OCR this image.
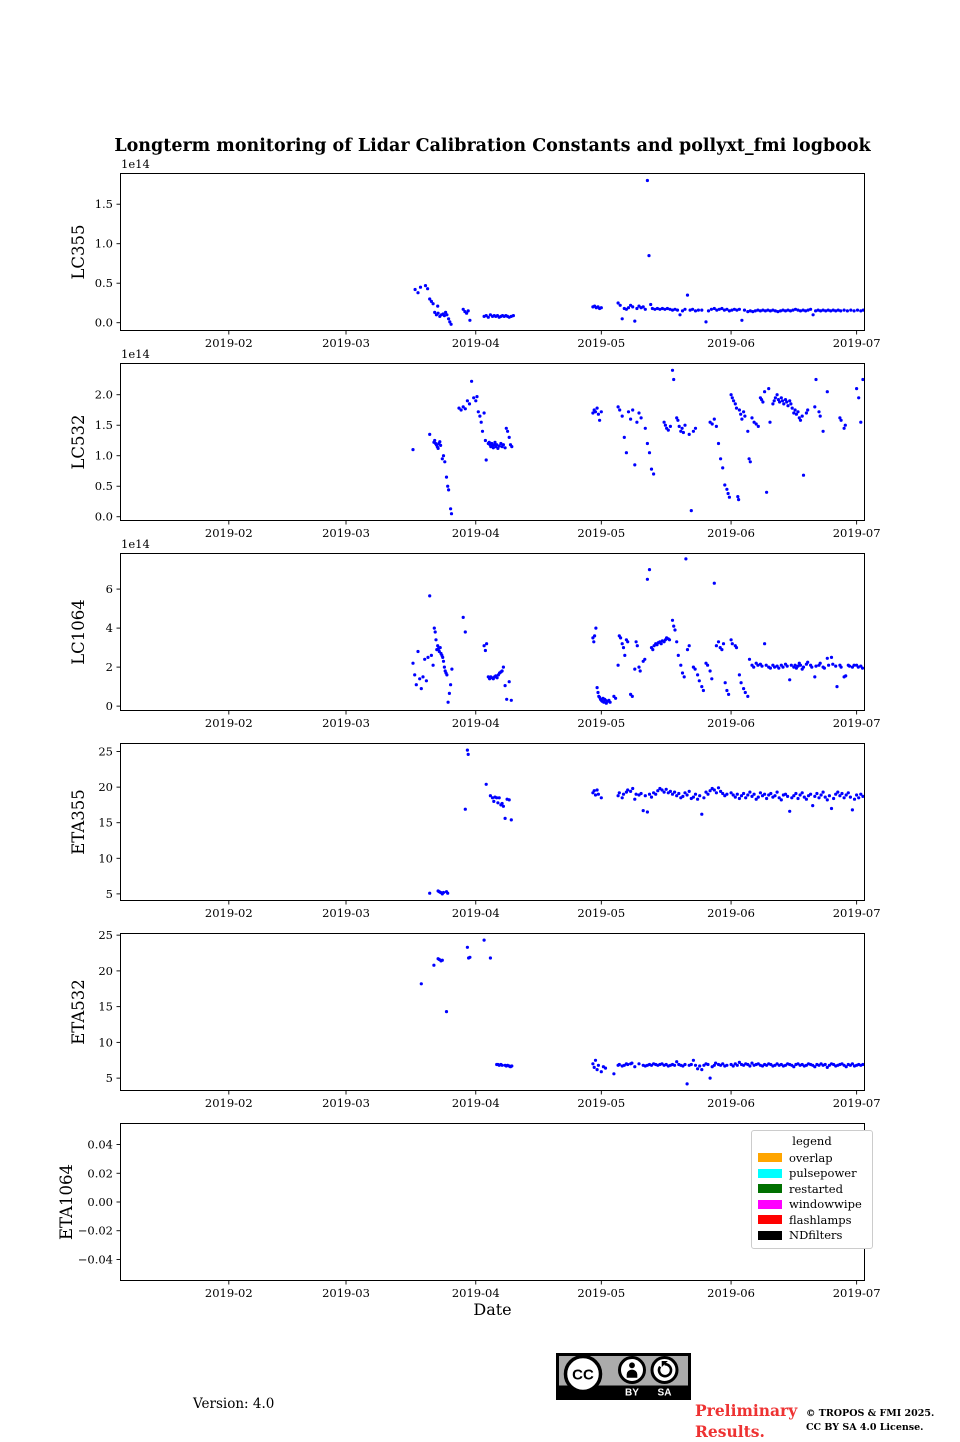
Longterm monitoring of Lidar Calibration Constants and pollyxt_fmi logbook
2019-02	2019-03	2019-04	2019-05	2019-06	2019-07
0.0
0.5
1.0
1.5
1e14
LC355
2019-02	2019-03	2019-04	2019-05	2019-06	2019-07
0.0
0.5
1.0
1.5
2.0
1e14
LC532
2019-02	2019-03	2019-04	2019-05	2019-06	2019-07
0
2
4
6
1e14
LC1064
2019-02	2019-03	2019-04	2019-05	2019-06	2019-07
5
10
15
20
25
ETA355
2019-02	2019-03	2019-04	2019-05	2019-06	2019-07
5
10
15
20
25
ETA532
2019-02	2019-03	2019-04	2019-05	2019-06	2019-07
−0.04
−0.02
0.00
0.02
0.04
ETA1064
legend
overlap
pulsepower
restarted
windowwipe
flashlamps
NDfilters
Date
Version: 4.0
CC
BY SA
Preliminary
Results.
© TROPOS & FMI 2025.
CC BY SA 4.0 License.
